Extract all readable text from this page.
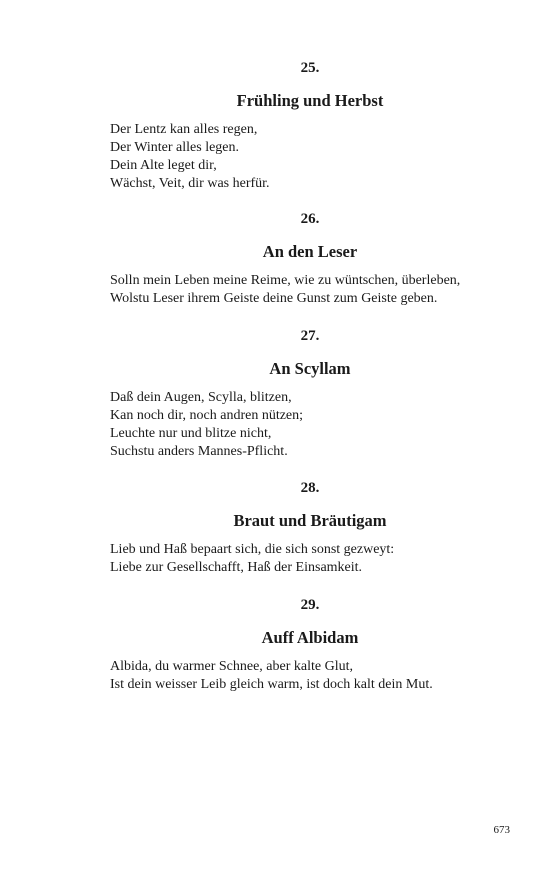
25.
Frühling und Herbst
Der Lentz kan alles regen,
Der Winter alles legen.
Dein Alte leget dir,
Wächst, Veit, dir was herfür.
26.
An den Leser
Solln mein Leben meine Reime, wie zu wüntschen, überleben,
Wolstu Leser ihrem Geiste deine Gunst zum Geiste geben.
27.
An Scyllam
Daß dein Augen, Scylla, blitzen,
Kan noch dir, noch andren nützen;
Leuchte nur und blitze nicht,
Suchstu anders Mannes-Pflicht.
28.
Braut und Bräutigam
Lieb und Haß bepaart sich, die sich sonst gezweyt:
Liebe zur Gesellschafft, Haß der Einsamkeit.
29.
Auff Albidam
Albida, du warmer Schnee, aber kalte Glut,
Ist dein weisser Leib gleich warm, ist doch kalt dein Mut.
673
